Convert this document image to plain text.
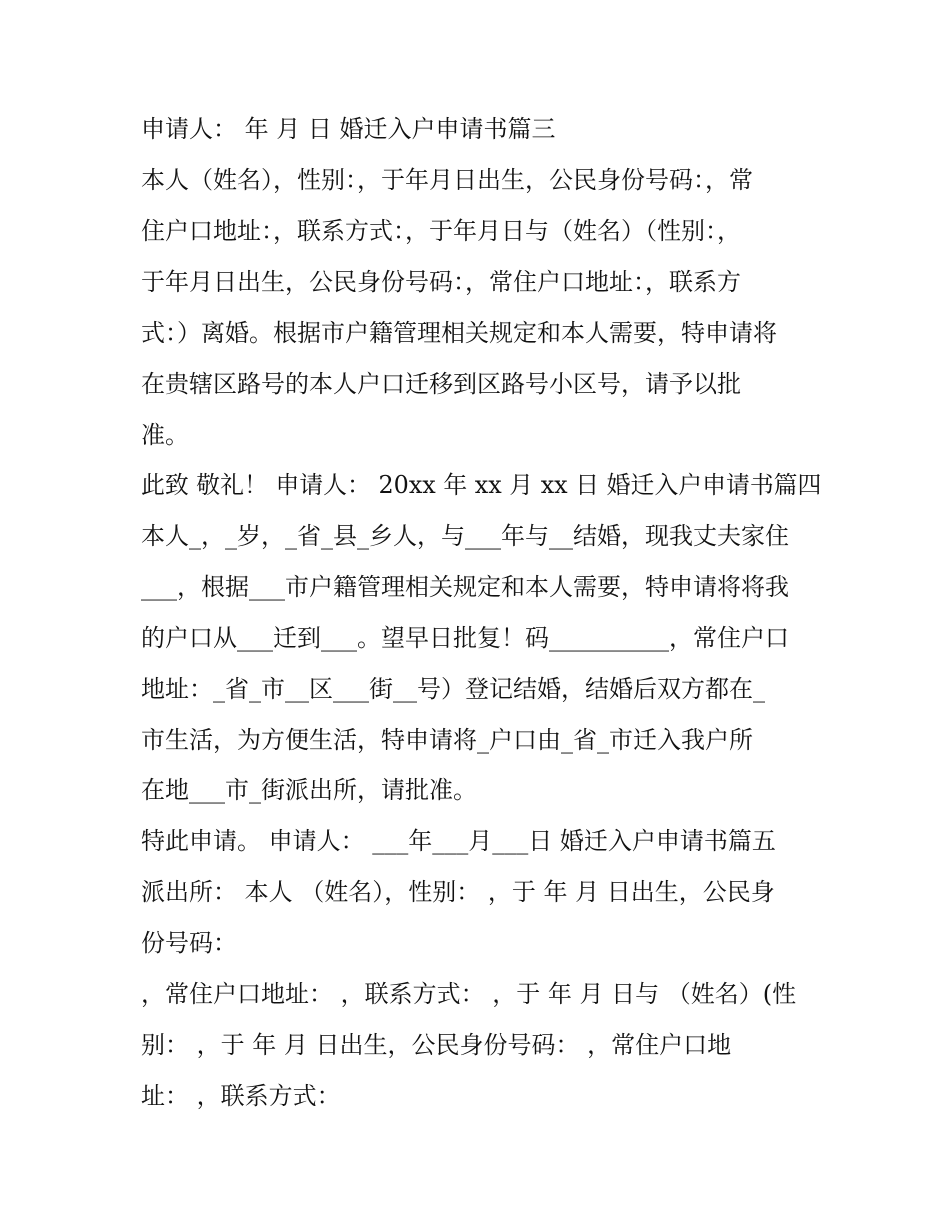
申请人： 年 月 日 婚迁入户申请书篇三
本人（姓名），性别：，于年月日出生，公民身份号码：，常
住户口地址：，联系方式：，于年月日与（姓名）（性别：，
于年月日出生，公民身份号码：，常住户口地址：，联系方
式：）离婚。根据市户籍管理相关规定和本人需要，特申请将
在贵辖区路号的本人户口迁移到区路号小区号，请予以批
准。
此致 敬礼！ 申请人： 20xx 年 xx 月 xx 日 婚迁入户申请书篇四
本人_，_岁，_省_县_乡人，与___年与__结婚，现我丈夫家住
___，根据___市户籍管理相关规定和本人需要，特申请将将我
的户口从___迁到___。望早日批复！码__________，常住户口
地址：_省_市__区___街__号）登记结婚，结婚后双方都在_
市生活，为方便生活，特申请将_户口由_省_市迁入我户所
在地___市_街派出所，请批准。
特此申请。 申请人： ___年___月___日 婚迁入户申请书篇五
派出所： 本人 （姓名），性别： ，于 年 月 日出生，公民身
份号码：
，常住户口地址： ，联系方式： ，于 年 月 日与 （姓名）(性
别： ，于 年 月 日出生，公民身份号码： ，常住户口地
址： ，联系方式：
